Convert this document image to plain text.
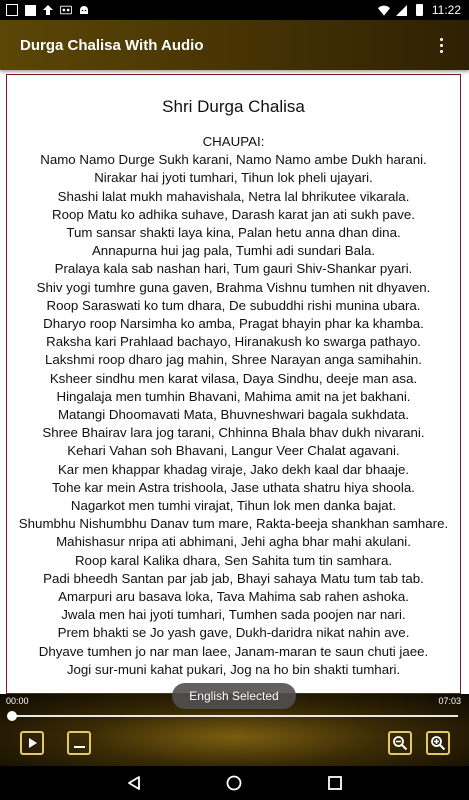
11:22
Durga Chalisa With Audio
Shri Durga Chalisa
CHAUPAI:
Namo Namo Durge Sukh karani, Namo Namo ambe Dukh harani.
Nirakar hai jyoti tumhari, Tihun lok pheli ujayari.
Shashi lalat mukh mahavishala, Netra lal bhrikutee vikarala.
Roop Matu ko adhika suhave, Darash karat jan ati sukh pave.
Tum sansar shakti laya kina, Palan hetu anna dhan dina.
Annapurna hui jag pala, Tumhi adi sundari Bala.
Pralaya kala sab nashan hari, Tum gauri Shiv-Shankar pyari.
Shiv yogi tumhre guna gaven, Brahma Vishnu tumhen nit dhyaven.
Roop Saraswati ko tum dhara, De subuddhi rishi munina ubara.
Dharyo roop Narsimha ko amba, Pragat bhayin phar ka khamba.
Raksha kari Prahlaad bachayo, Hiranakush ko swarga pathayo.
Lakshmi roop dharo jag mahin, Shree Narayan anga samihahin.
Ksheer sindhu men karat vilasa, Daya Sindhu, deeje man asa.
Hingalaja men tumhin Bhavani, Mahima amit na jet bakhani.
Matangi Dhoomavati Mata, Bhuvneshwari bagala sukhdata.
Shree Bhairav lara jog tarani, Chhinna Bhala bhav dukh nivarani.
Kehari Vahan soh Bhavani, Langur Veer Chalat agavani.
Kar men khappar khadag viraje, Jako dekh kaal dar bhaaje.
Tohe kar mein Astra trishoola, Jase uthata shatru hiya shoola.
Nagarkot men tumhi virajat, Tihun lok men danka bajat.
Shumbhu Nishumbhu Danav tum mare, Rakta-beeja shankhan samhare.
Mahishasur nripa ati abhimani, Jehi agha bhar mahi akulani.
Roop karal Kalika dhara, Sen Sahita tum tin samhara.
Padi bheedh Santan par jab jab, Bhayi sahaya Matu tum tab tab.
Amarpuri aru basava loka, Tava Mahima sab rahen ashoka.
Jwala men hai jyoti tumhari, Tumhen sada poojen nar nari.
Prem bhakti se Jo yash gave, Dukh-daridra nikat nahin ave.
Dhyave tumhen jo nar man laee, Janam-maran te saun chuti jaee.
Jogi sur-muni kahat pukari, Jog na ho bin shakti tumhari.
00:00	07:03
English Selected
